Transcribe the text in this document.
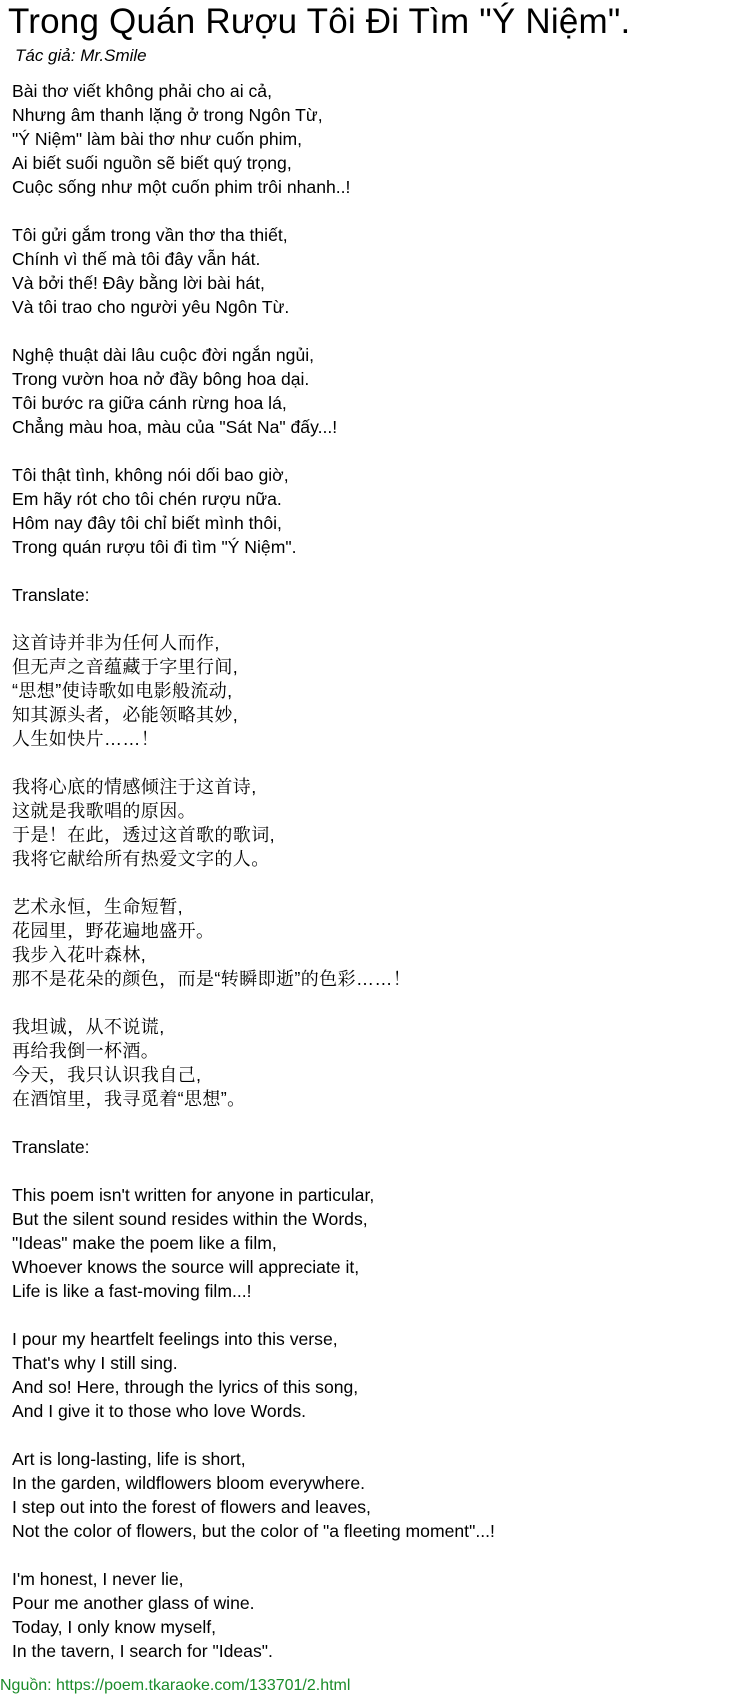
Trong Quán Rượu Tôi Đi Tìm "Ý Niệm".
Tác giả: Mr.Smile
Bài thơ viết không phải cho ai cả,
Nhưng âm thanh lặng ở trong Ngôn Từ,
"Ý Niệm" làm bài thơ như cuốn phim,
Ai biết suối nguồn sẽ biết quý trọng,
Cuộc sống như một cuốn phim trôi nhanh..!
Tôi gửi gắm trong vần thơ tha thiết,
Chính vì thế mà tôi đây vẫn hát.
Và bởi thế! Đây bằng lời bài hát,
Và tôi trao cho người yêu Ngôn Từ.
Nghệ thuật dài lâu cuộc đời ngắn ngủi,
Trong vườn hoa nở đầy bông hoa dại.
Tôi bước ra giữa cánh rừng hoa lá,
Chẳng màu hoa, màu của "Sát Na" đấy...!
Tôi thật tình, không nói dối bao giờ,
Em hãy rót cho tôi chén rượu nữa.
Hôm nay đây tôi chỉ biết mình thôi,
Trong quán rượu tôi đi tìm "Ý Niệm".
Translate:
这首诗并非为任何人而作,
但无声之音蕴藏于字里行间,
“思想”使诗歌如电影般流动,
知其源头者，必能领略其妙,
人生如快片……！
我将心底的情感倾注于这首诗,
这就是我歌唱的原因。
于是！在此，透过这首歌的歌词,
我将它献给所有热爱文字的人。
艺术永恒，生命短暂,
花园里，野花遍地盛开。
我步入花叶森林,
那不是花朵的颜色，而是“转瞬即逝”的色彩……！
我坦诚，从不说谎,
再给我倒一杯酒。
今天，我只认识我自己,
在酒馆里，我寻觅着“思想”。
Translate:
This poem isn't written for anyone in particular,
But the silent sound resides within the Words,
"Ideas" make the poem like a film,
Whoever knows the source will appreciate it,
Life is like a fast-moving film...!
I pour my heartfelt feelings into this verse,
That's why I still sing.
And so! Here, through the lyrics of this song,
And I give it to those who love Words.
Art is long-lasting, life is short,
In the garden, wildflowers bloom everywhere.
I step out into the forest of flowers and leaves,
Not the color of flowers, but the color of "a fleeting moment"...!
I'm honest, I never lie,
Pour me another glass of wine.
Today, I only know myself,
In the tavern, I search for "Ideas".
Nguồn: https://poem.tkaraoke.com/133701/2.html
